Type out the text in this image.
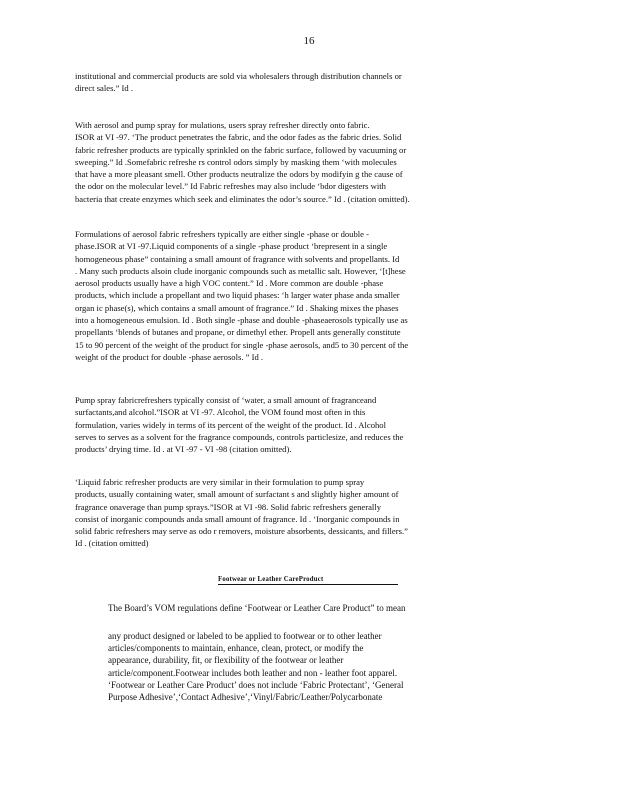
16
institutional and commercial products are sold via wholesalers through distribution channels or
direct sales.” Id .
With aerosol and pump spray for mulations, users spray refresher directly onto fabric.
ISOR at VI -97. ‘The product penetrates the fabric, and the odor fades as the fabric dries. Solid
fabric refresher products are typically sprinkled on the fabric surface, followed by vacuuming or
sweeping.” Id .Somefabric refreshe rs control odors simply by masking them ‘with molecules
that have a more pleasant smell. Other products neutralize the odors by modifyin g the cause of
the odor on the molecular level.” Id Fabric refreshes may also include ‘bdor digesters with
bacteria that create enzymes which seek and eliminates the odor’s source.” Id . (citation omitted).
Formulations of aerosol fabric refreshers typically are either single -phase or double -
phase.ISOR at VI -97.Liquid components of a single -phase product ‘brepresent in a single
homogeneous phase” containing a small amount of fragrance with solvents and propellants. Id
. Many such products alsoin clude inorganic compounds such as metallic salt. However, ‘[t]hese
aerosol products usually have a high VOC content.” Id . More common are double -phase
products, which include a propellant and two liquid phases: ‘h larger water phase anda smaller
organ ic phase(s), which contains a small amount of fragrance.” Id . Shaking mixes the phases
into a homogeneous emulsion. Id . Both single -phase and double -phaseaerosols typically use as
propellants ‘blends of butanes and propane, or dimethyl ether. Propell ants generally constitute
15 to 90 percent of the weight of the product for single -phase aerosols, and5 to 30 percent of the
weight of the product for double -phase aerosols. ” Id .
Pump spray fabricrefreshers typically consist of ‘water, a small amount of fragranceand
surfactants,and alcohol.”ISOR at VI -97. Alcohol, the VOM found most often in this
formulation, varies widely in terms of its percent of the weight of the product. Id . Alcohol
serves to serves as a solvent for the fragrance compounds, controls particlesize, and reduces the
products’ drying time. Id . at VI -97 - VI -98 (citation omitted).
‘Liquid fabric refresher products are very similar in their formulation to pump spray
products, usually containing water, small amount of surfactant s and slightly higher amount of
fragrance onaverage than pump sprays.”ISOR at VI -98. Solid fabric refreshers generally
consist of inorganic compounds anda small amount of fragrance. Id . ‘Inorganic compounds in
solid fabric refreshers may serve as odo r removers, moisture absorbents, dessicants, and fillers.”
Id . (citation omitted)
Footwear or Leather CareProduct
The Board’s VOM regulations define ‘Footwear or Leather Care Product” to mean
any product designed or labeled to be applied to footwear or to other leather
articles/components to maintain, enhance, clean, protect, or modify the
appearance, durability, fit, or flexibility of the footwear or leather
article/component.Footwear includes both leather and non - leather foot apparel.
‘Footwear or Leather Care Product’ does not include ‘Fabric Protectant’, ‘General
Purpose Adhesive’,‘Contact Adhesive’,‘Vinyl/Fabric/Leather/Polycarbonate
